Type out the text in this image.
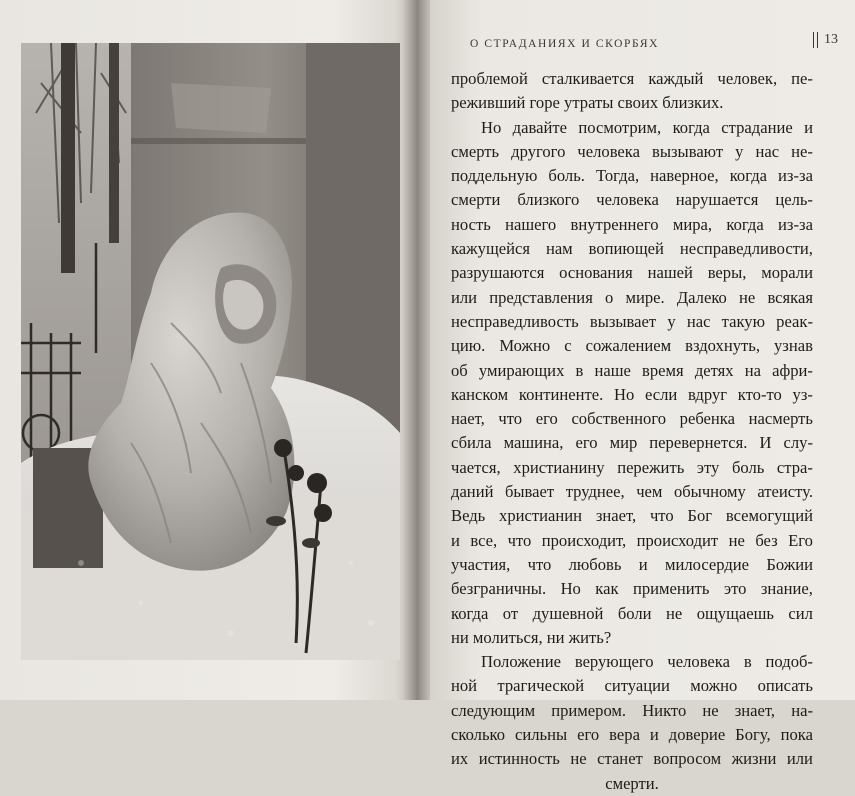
О СТРАДАНИЯХ И СКОРБЯХ	13
проблемой сталкивается каждый человек, пе-
реживший горе утраты своих близких.
Но давайте посмотрим, когда страдание и
смерть другого человека вызывают у нас не-
поддельную боль. Тогда, наверное, когда из-за
смерти близкого человека нарушается цель-
ность нашего внутреннего мира, когда из-за
кажущейся нам вопиющей несправедливости,
разрушаются основания нашей веры, морали
или представления о мире. Далеко не всякая
несправедливость вызывает у нас такую реак-
цию. Можно с сожалением вздохнуть, узнав
об умирающих в наше время детях на афри-
канском континенте. Но если вдруг кто-то уз-
нает, что его собственного ребенка насмерть
сбила машина, его мир перевернется. И слу-
чается, христианину пережить эту боль стра-
даний бывает труднее, чем обычному атеисту.
Ведь христианин знает, что Бог всемогущий
и все, что происходит, происходит не без Его
участия, что любовь и милосердие Божии
безграничны. Но как применить это знание,
когда от душевной боли не ощущаешь сил
ни молиться, ни жить?
Положение верующего человека в подоб-
ной трагической ситуации можно описать
следующим примером. Никто не знает, на-
сколько сильны его вера и доверие Богу, пока
их истинность не станет вопросом жизни или
смерти.
